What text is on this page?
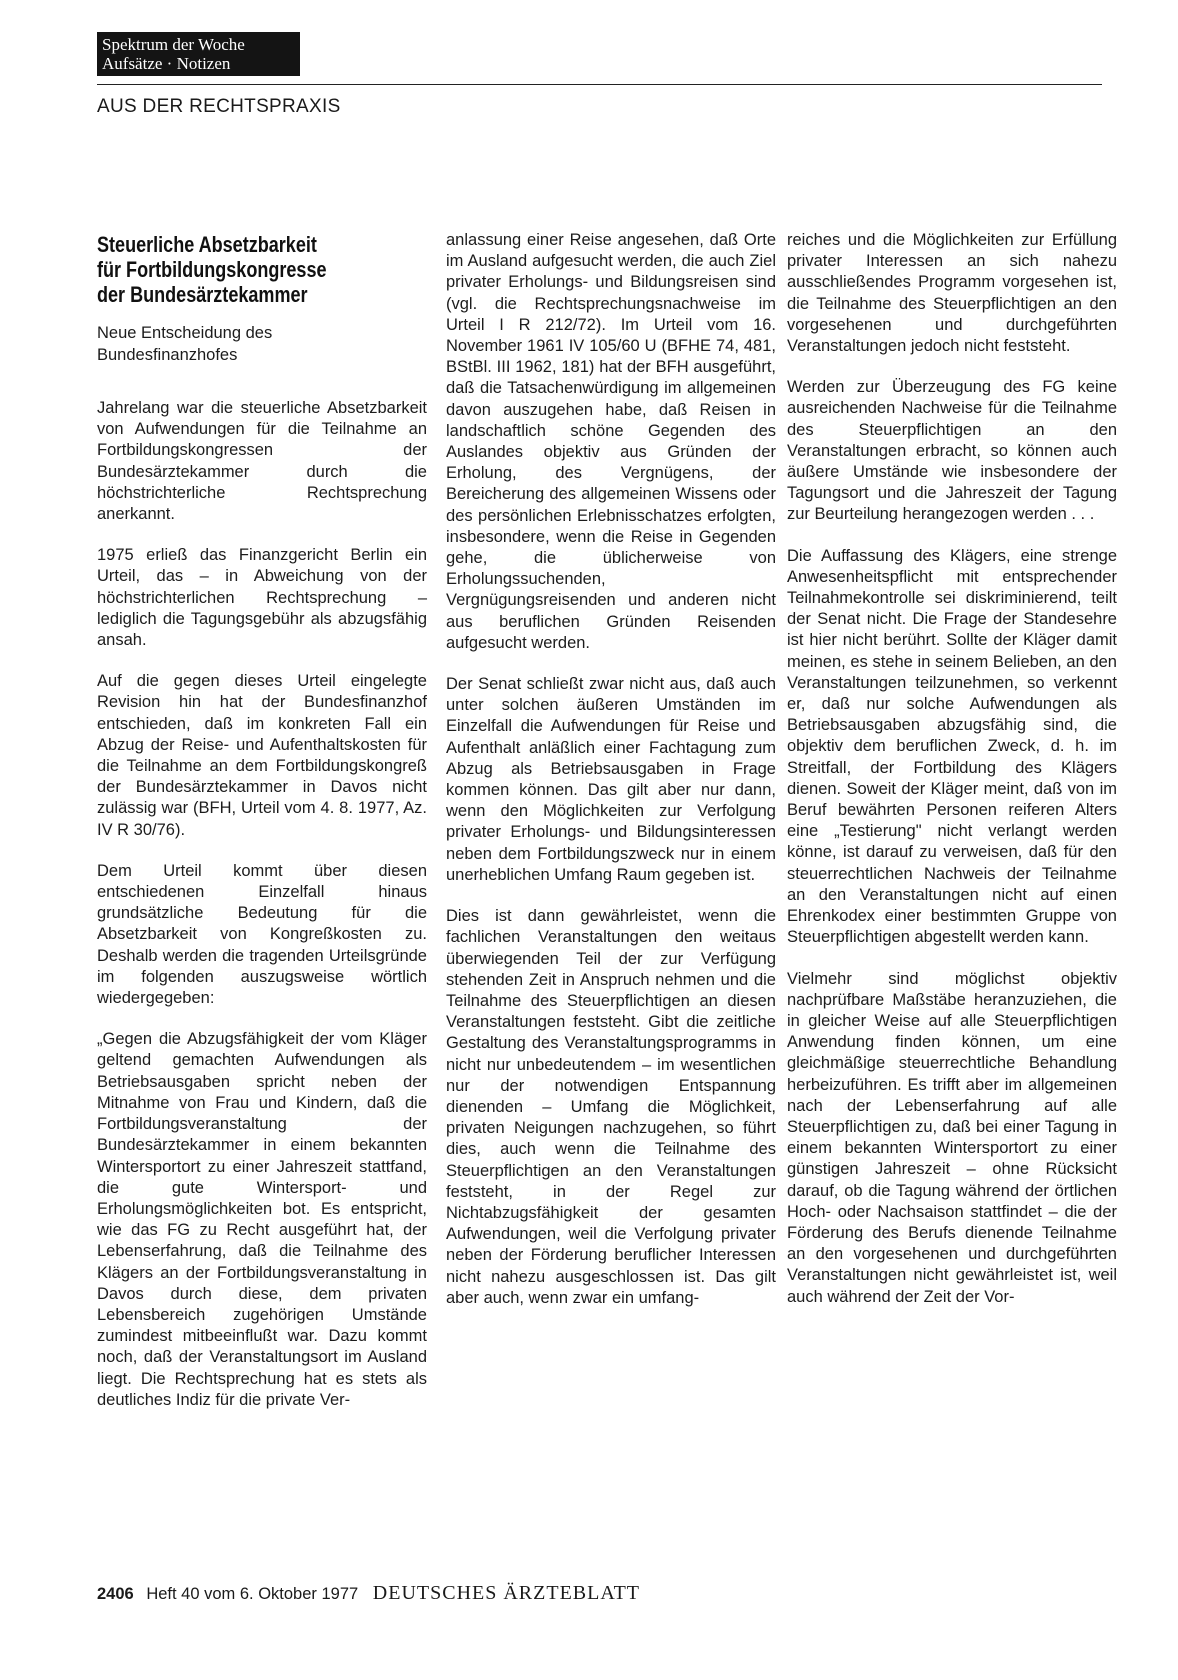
Spektrum der Woche
Aufsätze · Notizen
AUS DER RECHTSPRAXIS
Steuerliche Absetzbarkeit
für Fortbildungskongresse
der Bundesärztekammer
Neue Entscheidung des
Bundesfinanzhofes

Jahrelang war die steuerliche Absetzbarkeit von Aufwendungen für die Teilnahme an Fortbildungskongressen der Bundesärztekammer durch die höchstrichterliche Rechtsprechung anerkannt.

1975 erließ das Finanzgericht Berlin ein Urteil, das – in Abweichung von der höchstrichterlichen Rechtsprechung – lediglich die Tagungsgebühr als abzugsfähig ansah.

Auf die gegen dieses Urteil eingelegte Revision hin hat der Bundesfinanzhof entschieden, daß im konkreten Fall ein Abzug der Reise- und Aufenthaltskosten für die Teilnahme an dem Fortbildungskongreß der Bundesärztekammer in Davos nicht zulässig war (BFH, Urteil vom 4. 8. 1977, Az. IV R 30/76).

Dem Urteil kommt über diesen entschiedenen Einzelfall hinaus grundsätzliche Bedeutung für die Absetzbarkeit von Kongreßkosten zu. Deshalb werden die tragenden Urteilsgründe im folgenden auszugsweise wörtlich wiedergegeben:

„Gegen die Abzugsfähigkeit der vom Kläger geltend gemachten Aufwendungen als Betriebsausgaben spricht neben der Mitnahme von Frau und Kindern, daß die Fortbildungsveranstaltung der Bundesärztekammer in einem bekannten Wintersportort zu einer Jahreszeit stattfand, die gute Wintersport- und Erholungsmöglichkeiten bot. Es entspricht, wie das FG zu Recht ausgeführt hat, der Lebenserfahrung, daß die Teilnahme des Klägers an der Fortbildungsveranstaltung in Davos durch diese, dem privaten Lebensbereich zugehörigen Umstände zumindest mitbeeinflußt war. Dazu kommt noch, daß der Veranstaltungsort im Ausland liegt. Die Rechtsprechung hat es stets als deutliches Indiz für die private Ver-

anlassung einer Reise angesehen, daß Orte im Ausland aufgesucht werden, die auch Ziel privater Erholungs- und Bildungsreisen sind (vgl. die Rechtsprechungsnachweise im Urteil I R 212/72). Im Urteil vom 16. November 1961 IV 105/60 U (BFHE 74, 481, BStBl. III 1962, 181) hat der BFH ausgeführt, daß die Tatsachenwürdigung im allgemeinen davon auszugehen habe, daß Reisen in landschaftlich schöne Gegenden des Auslandes objektiv aus Gründen der Erholung, des Vergnügens, der Bereicherung des allgemeinen Wissens oder des persönlichen Erlebnisschatzes erfolgten, insbesondere, wenn die Reise in Gegenden gehe, die üblicherweise von Erholungssuchenden, Vergnügungsreisenden und anderen nicht aus beruflichen Gründen Reisenden aufgesucht werden.

Der Senat schließt zwar nicht aus, daß auch unter solchen äußeren Umständen im Einzelfall die Aufwendungen für Reise und Aufenthalt anläßlich einer Fachtagung zum Abzug als Betriebsausgaben in Frage kommen können. Das gilt aber nur dann, wenn den Möglichkeiten zur Verfolgung privater Erholungs- und Bildungsinteressen neben dem Fortbildungszweck nur in einem unerheblichen Umfang Raum gegeben ist.

Dies ist dann gewährleistet, wenn die fachlichen Veranstaltungen den weitaus überwiegenden Teil der zur Verfügung stehenden Zeit in Anspruch nehmen und die Teilnahme des Steuerpflichtigen an diesen Veranstaltungen feststeht. Gibt die zeitliche Gestaltung des Veranstaltungsprogramms in nicht nur unbedeutendem – im wesentlichen nur der notwendigen Entspannung dienenden – Umfang die Möglichkeit, privaten Neigungen nachzugehen, so führt dies, auch wenn die Teilnahme des Steuerpflichtigen an den Veranstaltungen feststeht, in der Regel zur Nichtabzugsfähigkeit der gesamten Aufwendungen, weil die Verfolgung privater neben der Förderung beruflicher Interessen nicht nahezu ausgeschlossen ist. Das gilt aber auch, wenn zwar ein umfang-

reiches und die Möglichkeiten zur Erfüllung privater Interessen an sich nahezu ausschließendes Programm vorgesehen ist, die Teilnahme des Steuerpflichtigen an den vorgesehenen und durchgeführten Veranstaltungen jedoch nicht feststeht.

Werden zur Überzeugung des FG keine ausreichenden Nachweise für die Teilnahme des Steuerpflichtigen an den Veranstaltungen erbracht, so können auch äußere Umstände wie insbesondere der Tagungsort und die Jahreszeit der Tagung zur Beurteilung herangezogen werden . . .

Die Auffassung des Klägers, eine strenge Anwesenheitspflicht mit entsprechender Teilnahmekontrolle sei diskriminierend, teilt der Senat nicht. Die Frage der Standesehre ist hier nicht berührt. Sollte der Kläger damit meinen, es stehe in seinem Belieben, an den Veranstaltungen teilzunehmen, so verkennt er, daß nur solche Aufwendungen als Betriebsausgaben abzugsfähig sind, die objektiv dem beruflichen Zweck, d. h. im Streitfall, der Fortbildung des Klägers dienen. Soweit der Kläger meint, daß von im Beruf bewährten Personen reiferen Alters eine „Testierung" nicht verlangt werden könne, ist darauf zu verweisen, daß für den steuerrechtlichen Nachweis der Teilnahme an den Veranstaltungen nicht auf einen Ehrenkodex einer bestimmten Gruppe von Steuerpflichtigen abgestellt werden kann.

Vielmehr sind möglichst objektiv nachprüfbare Maßstäbe heranzuziehen, die in gleicher Weise auf alle Steuerpflichtigen Anwendung finden können, um eine gleichmäßige steuerrechtliche Behandlung herbeizuführen. Es trifft aber im allgemeinen nach der Lebenserfahrung auf alle Steuerpflichtigen zu, daß bei einer Tagung in einem bekannten Wintersportort zu einer günstigen Jahreszeit – ohne Rücksicht darauf, ob die Tagung während der örtlichen Hoch- oder Nachsaison stattfindet – die der Förderung des Berufs dienende Teilnahme an den vorgesehenen und durchgeführten Veranstaltungen nicht gewährleistet ist, weil auch während der Zeit der Vor-

2406 Heft 40 vom 6. Oktober 1977 DEUTSCHES ÄRZTEBLATT
